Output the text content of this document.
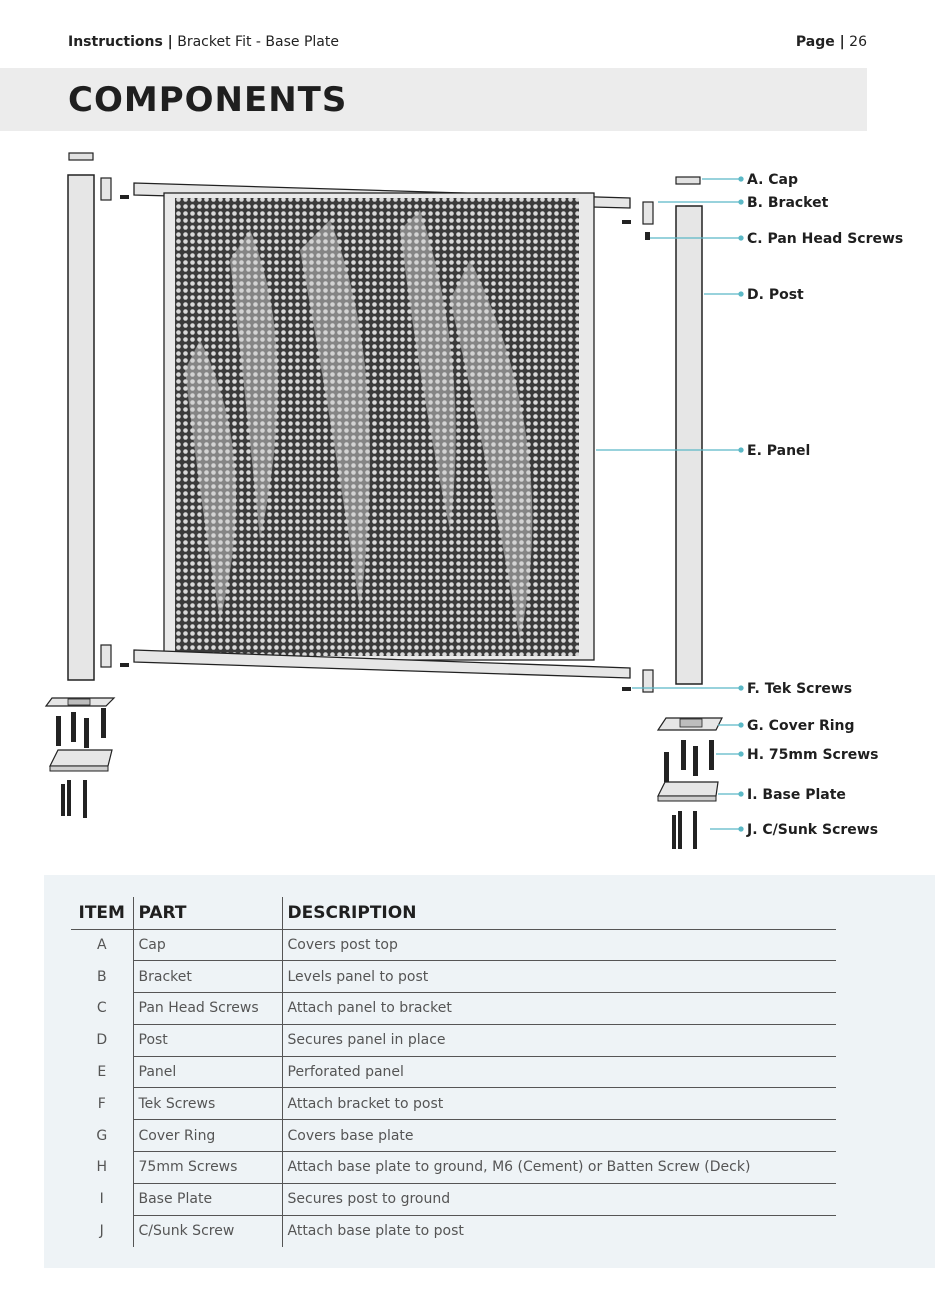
Instructions | Bracket Fit - Base Plate	Page | 26
COMPONENTS
A. Cap
B. Bracket
C. Pan Head Screws
D. Post
E. Panel
F. Tek Screws
G. Cover Ring
H. 75mm Screws
I. Base Plate
J. C/Sunk Screws
ITEM	PART	DESCRIPTION
A	Cap	Covers post top
B	Bracket	Levels panel to post
C	Pan Head Screws	Attach panel to bracket
D	Post	Secures panel in place
E	Panel	Perforated panel
F	Tek Screws	Attach bracket to post
G	Cover Ring	Covers base plate
H	75mm Screws	Attach base plate to ground, M6 (Cement) or Batten Screw (Deck)
I	Base Plate	Secures post to ground
J	C/Sunk Screw	Attach base plate to post
